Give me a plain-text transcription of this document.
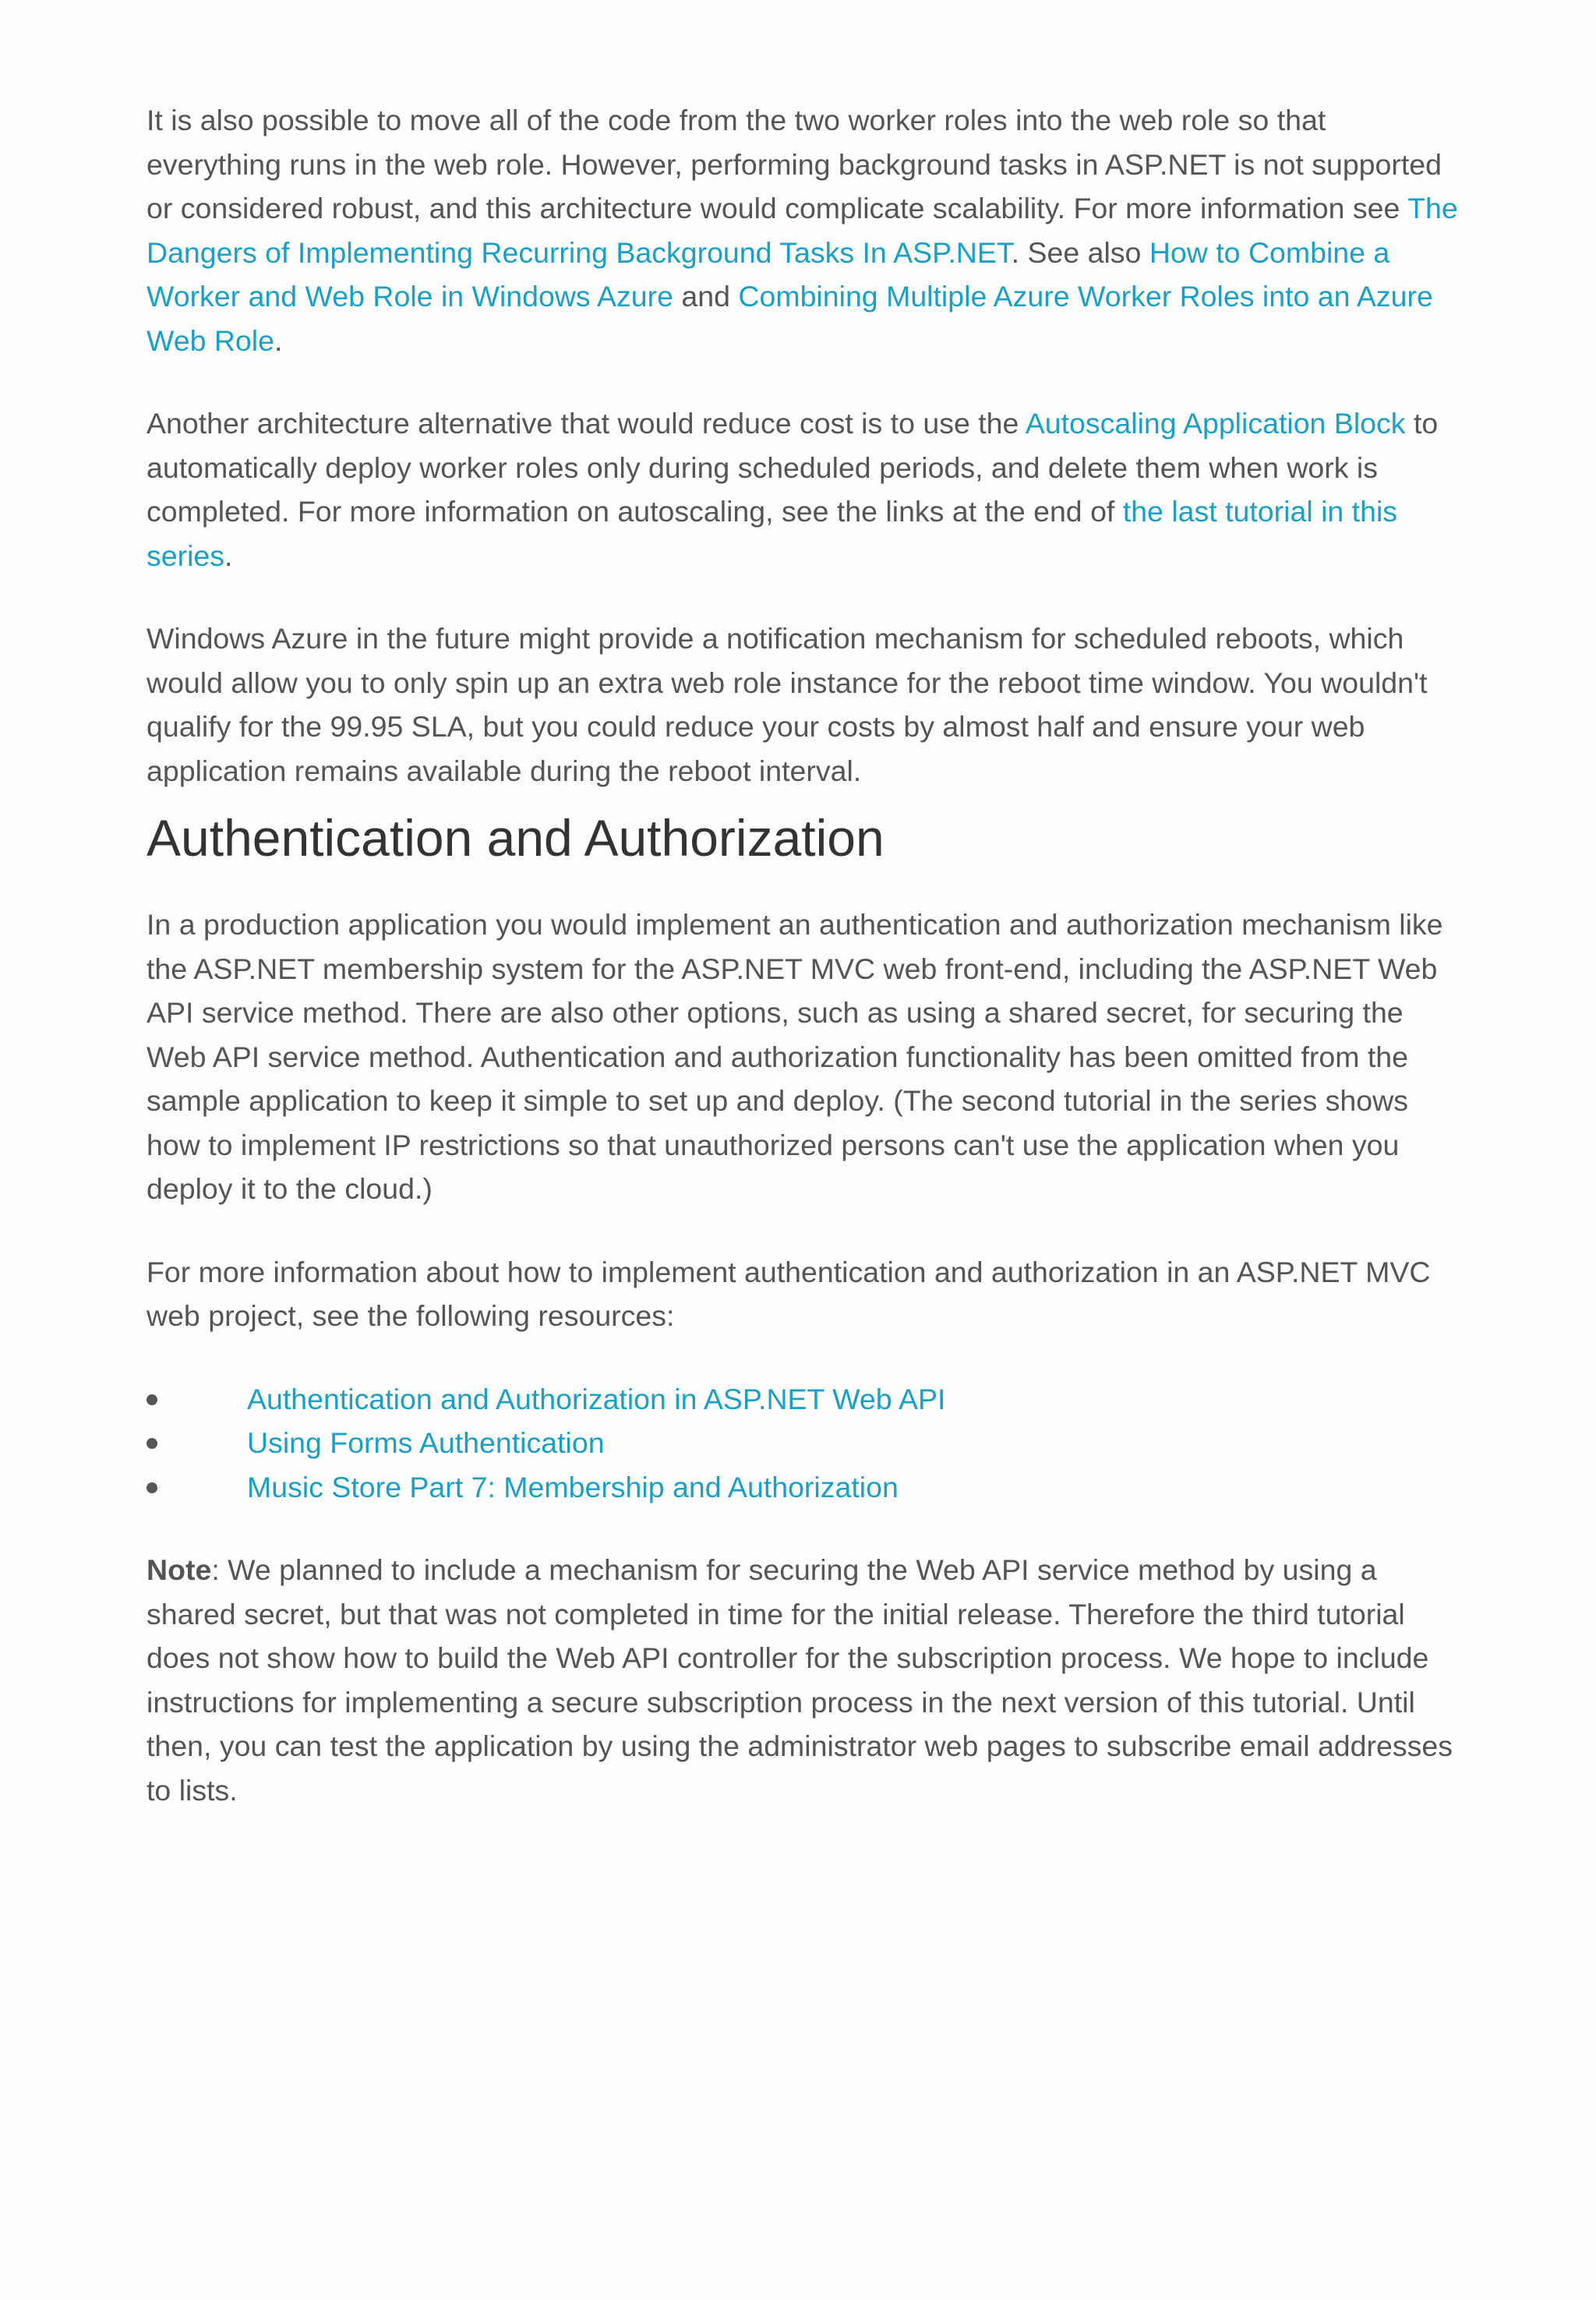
It is also possible to move all of the code from the two worker roles into the web role so that everything runs in the web role. However, performing background tasks in ASP.NET is not supported or considered robust, and this architecture would complicate scalability. For more information see The Dangers of Implementing Recurring Background Tasks In ASP.NET. See also How to Combine a Worker and Web Role in Windows Azure and Combining Multiple Azure Worker Roles into an Azure Web Role.

Another architecture alternative that would reduce cost is to use the Autoscaling Application Block to automatically deploy worker roles only during scheduled periods, and delete them when work is completed. For more information on autoscaling, see the links at the end of the last tutorial in this series.

Windows Azure in the future might provide a notification mechanism for scheduled reboots, which would allow you to only spin up an extra web role instance for the reboot time window. You wouldn't qualify for the 99.95 SLA, but you could reduce your costs by almost half and ensure your web application remains available during the reboot interval.

Authentication and Authorization

In a production application you would implement an authentication and authorization mechanism like the ASP.NET membership system for the ASP.NET MVC web front-end, including the ASP.NET Web API service method. There are also other options, such as using a shared secret, for securing the Web API service method. Authentication and authorization functionality has been omitted from the sample application to keep it simple to set up and deploy. (The second tutorial in the series shows how to implement IP restrictions so that unauthorized persons can't use the application when you deploy it to the cloud.)

For more information about how to implement authentication and authorization in an ASP.NET MVC web project, see the following resources:

Authentication and Authorization in ASP.NET Web API
Using Forms Authentication
Music Store Part 7: Membership and Authorization

Note: We planned to include a mechanism for securing the Web API service method by using a shared secret, but that was not completed in time for the initial release. Therefore the third tutorial does not show how to build the Web API controller for the subscription process. We hope to include instructions for implementing a secure subscription process in the next version of this tutorial. Until then, you can test the application by using the administrator web pages to subscribe email addresses to lists.
